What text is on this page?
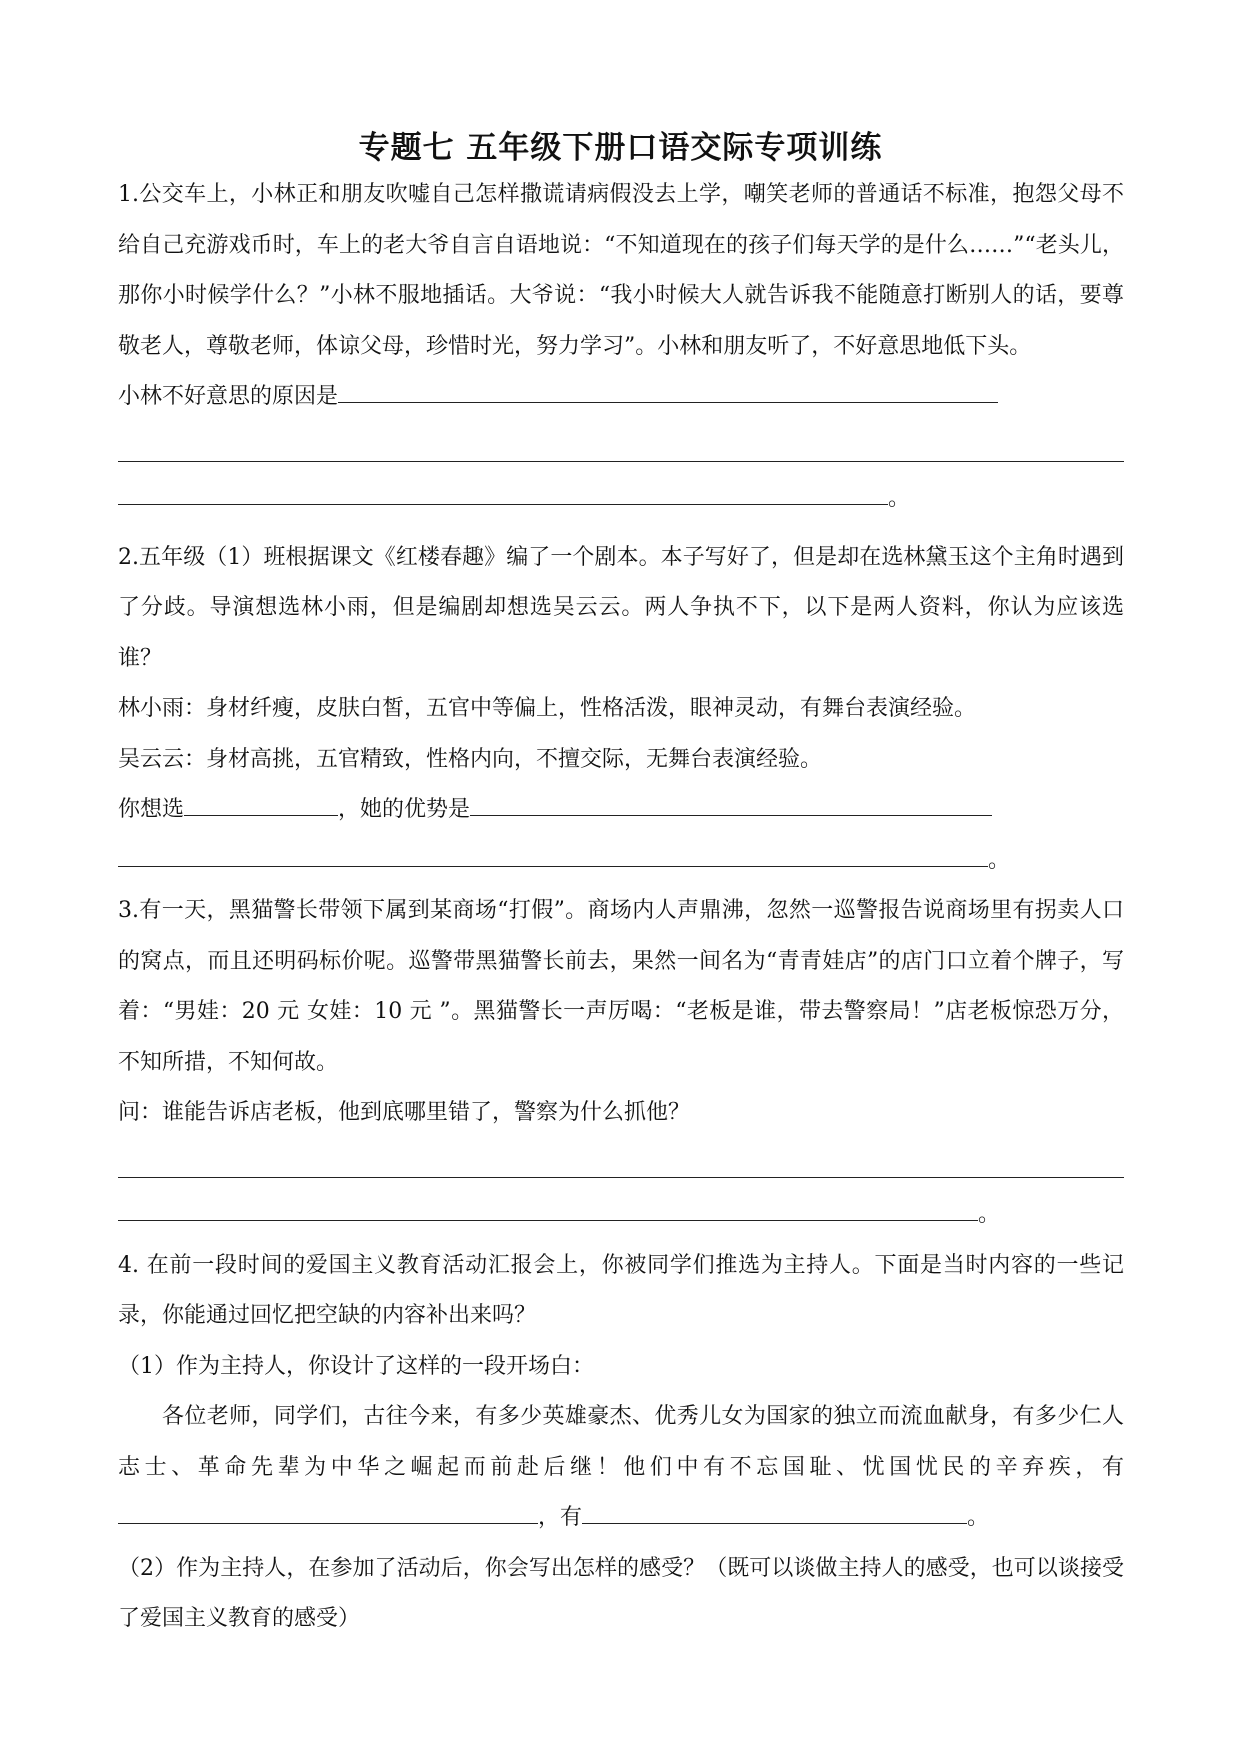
专题七 五年级下册口语交际专项训练

1.公交车上，小林正和朋友吹嘘自己怎样撒谎请病假没去上学，嘲笑老师的普通话不标准，抱怨父母不给自己充游戏币时，车上的老大爷自言自语地说：“不知道现在的孩子们每天学的是什么……”“老头儿，那你小时候学什么？”小林不服地插话。大爷说：“我小时候大人就告诉我不能随意打断别人的话，要尊敬老人，尊敬老师，体谅父母，珍惜时光，努力学习”。小林和朋友听了，不好意思地低下头。

小林不好意思的原因是

。

2.五年级（1）班根据课文《红楼春趣》编了一个剧本。本子写好了，但是却在选林黛玉这个主角时遇到了分歧。导演想选林小雨，但是编剧却想选吴云云。两人争执不下，以下是两人资料，你认为应该选谁？

林小雨：身材纤瘦，皮肤白皙，五官中等偏上，性格活泼，眼神灵动，有舞台表演经验。

吴云云：身材高挑，五官精致，性格内向，不擅交际，无舞台表演经验。

你想选	，她的优势是

。

3.有一天，黑猫警长带领下属到某商场“打假”。商场内人声鼎沸，忽然一巡警报告说商场里有拐卖人口的窝点，而且还明码标价呢。巡警带黑猫警长前去，果然一间名为“青青娃店”的店门口立着个牌子，写着：“男娃：20 元 女娃：10 元 ”。黑猫警长一声厉喝：“老板是谁，带去警察局！”店老板惊恐万分，不知所措，不知何故。

问：谁能告诉店老板，他到底哪里错了，警察为什么抓他？

。

4. 在前一段时间的爱国主义教育活动汇报会上，你被同学们推选为主持人。下面是当时内容的一些记录，你能通过回忆把空缺的内容补出来吗？

（1）作为主持人，你设计了这样的一段开场白：

各位老师，同学们，古往今来，有多少英雄豪杰、优秀儿女为国家的独立而流血献身，有多少仁人志士、革命先辈为中华之崛起而前赴后继！他们中有不忘国耻、忧国忧民的辛弃疾，有，有	。

（2）作为主持人，在参加了活动后，你会写出怎样的感受？（既可以谈做主持人的感受，也可以谈接受了爱国主义教育的感受）
